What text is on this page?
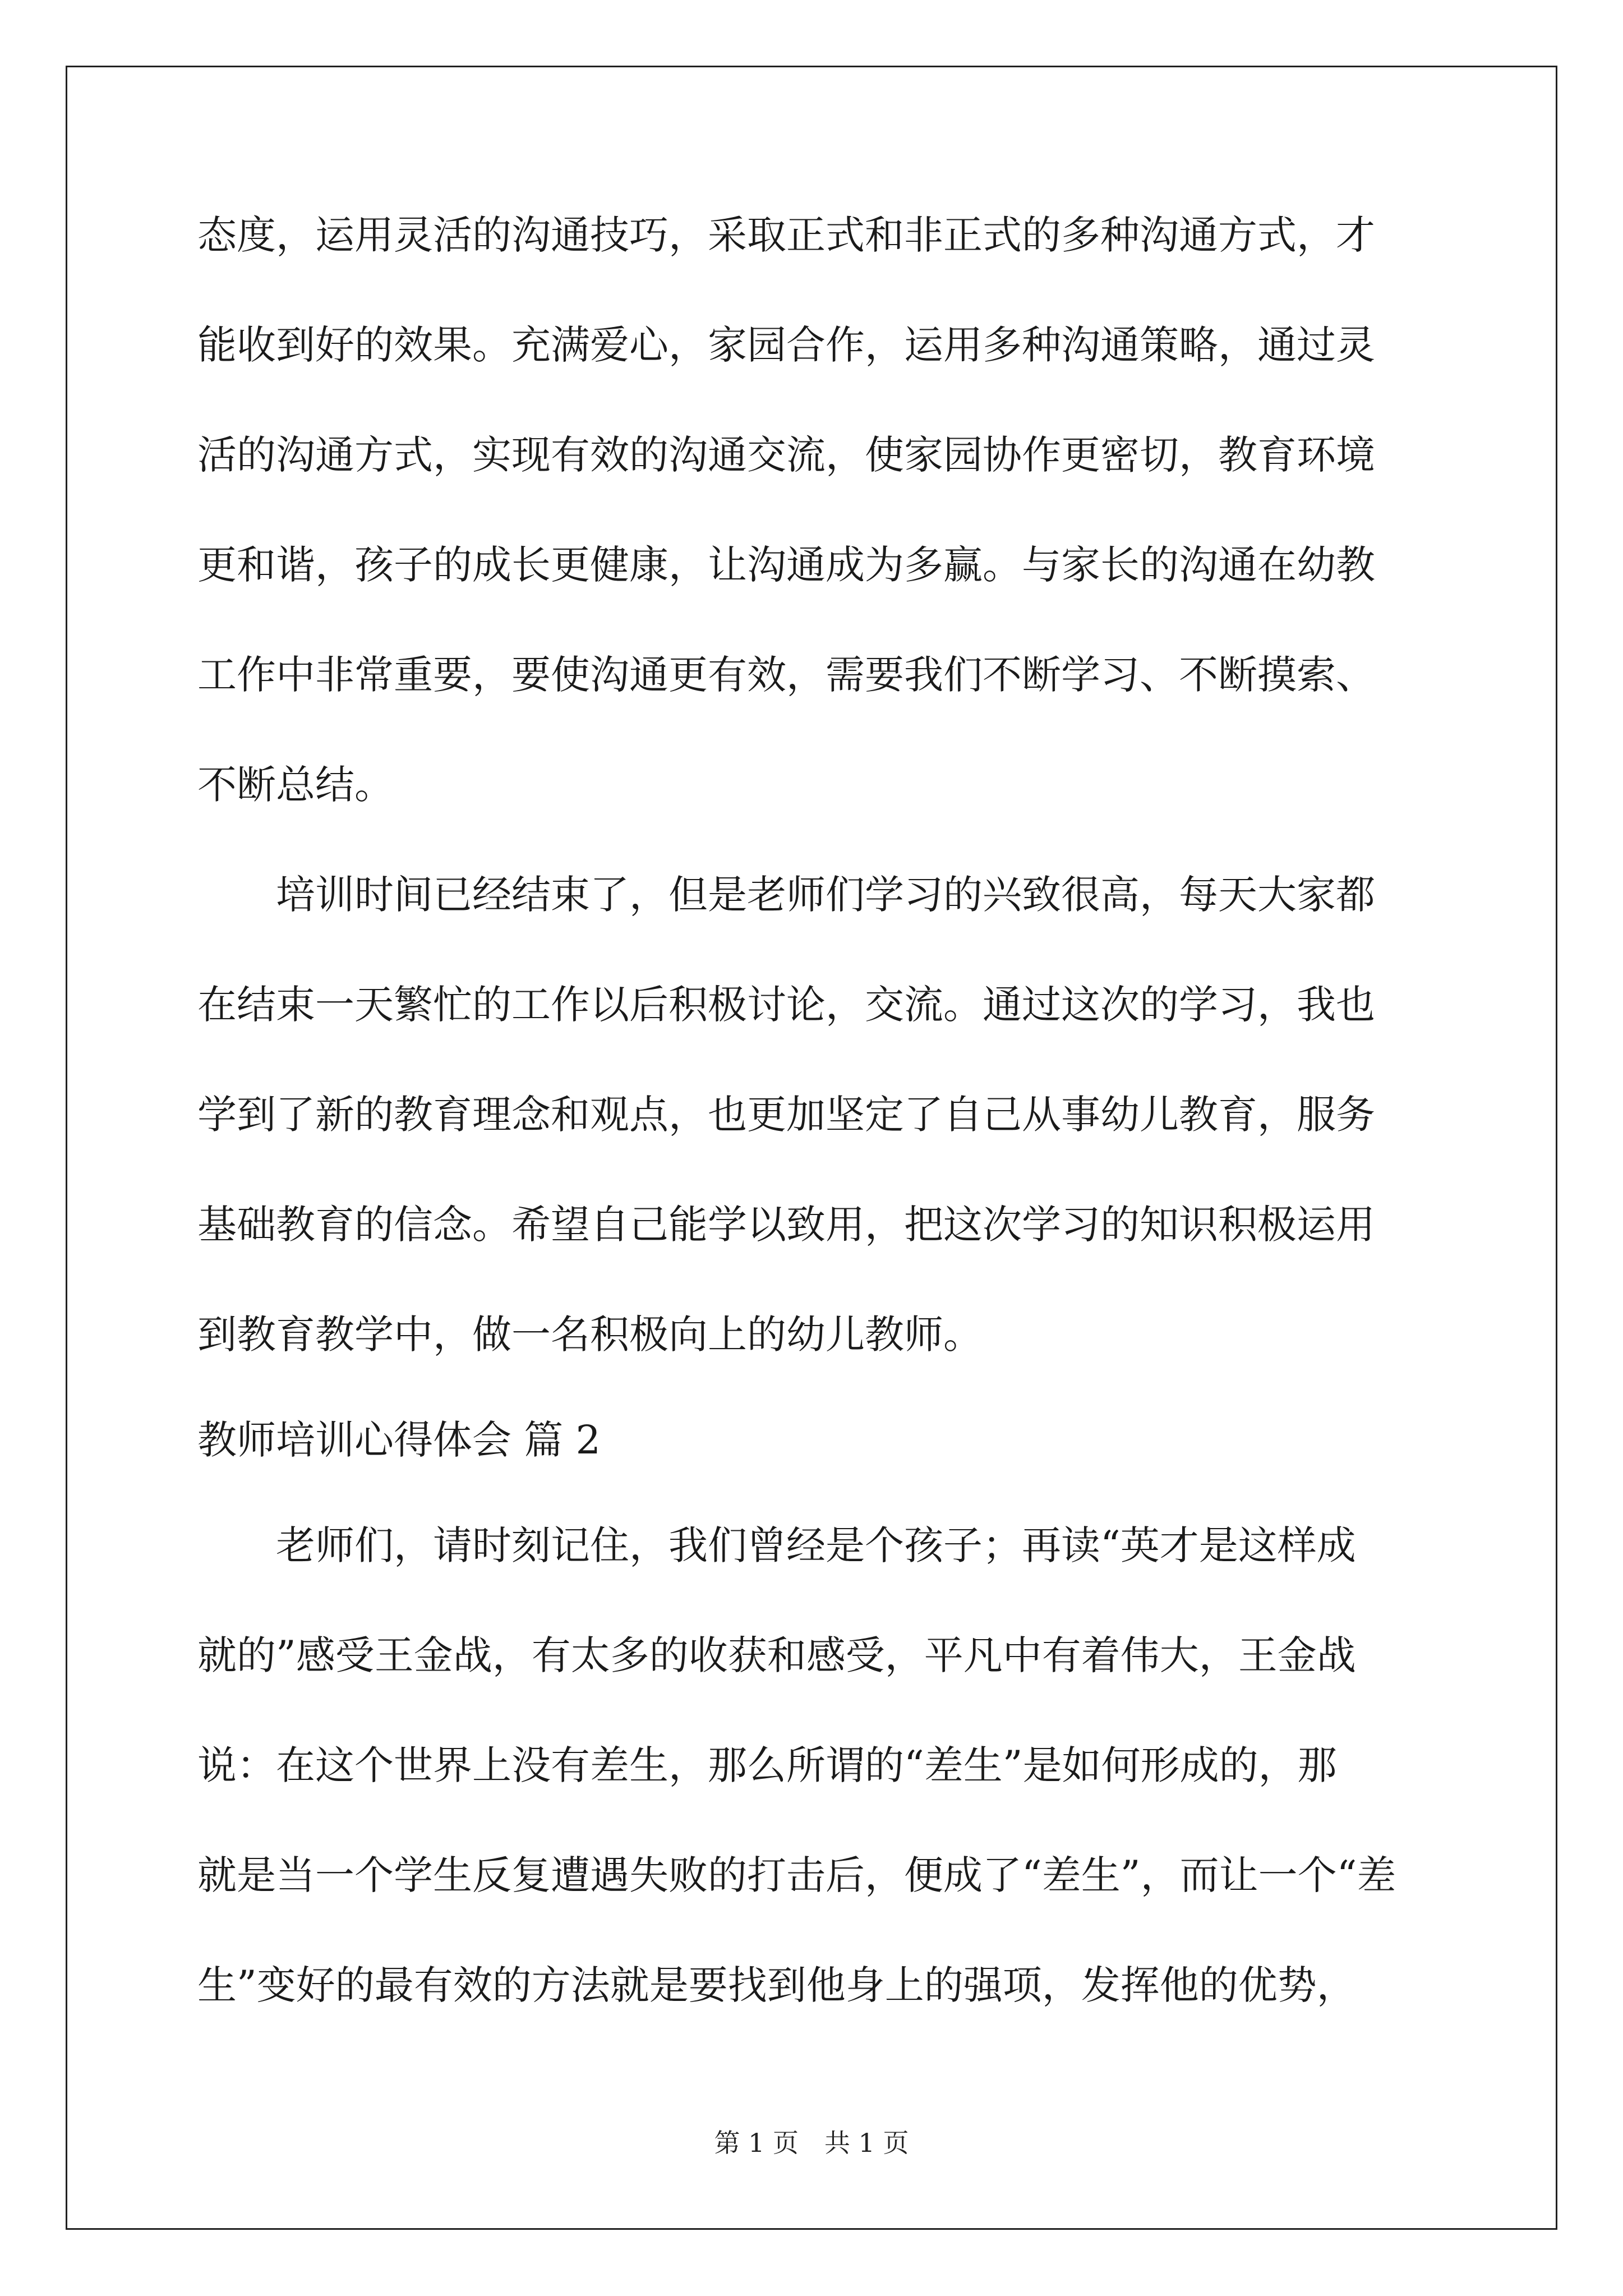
态度，运用灵活的沟通技巧，采取正式和非正式的多种沟通方式，才
能收到好的效果。充满爱心，家园合作，运用多种沟通策略，通过灵
活的沟通方式，实现有效的沟通交流，使家园协作更密切，教育环境
更和谐，孩子的成长更健康，让沟通成为多赢。与家长的沟通在幼教
工作中非常重要，要使沟通更有效，需要我们不断学习、不断摸索、
不断总结。
培训时间已经结束了，但是老师们学习的兴致很高，每天大家都
在结束一天繁忙的工作以后积极讨论，交流。通过这次的学习，我也
学到了新的教育理念和观点，也更加坚定了自己从事幼儿教育，服务
基础教育的信念。希望自己能学以致用，把这次学习的知识积极运用
到教育教学中，做一名积极向上的幼儿教师。
教师培训心得体会 篇 2
老师们，请时刻记住，我们曾经是个孩子；再读“英才是这样成
就的”感受王金战，有太多的收获和感受，平凡中有着伟大，王金战
说：在这个世界上没有差生，那么所谓的“差生”是如何形成的，那
就是当一个学生反复遭遇失败的打击后，便成了“差生”，而让一个“差
生”变好的最有效的方法就是要找到他身上的强项，发挥他的优势，
第 1 页　共 1 页
